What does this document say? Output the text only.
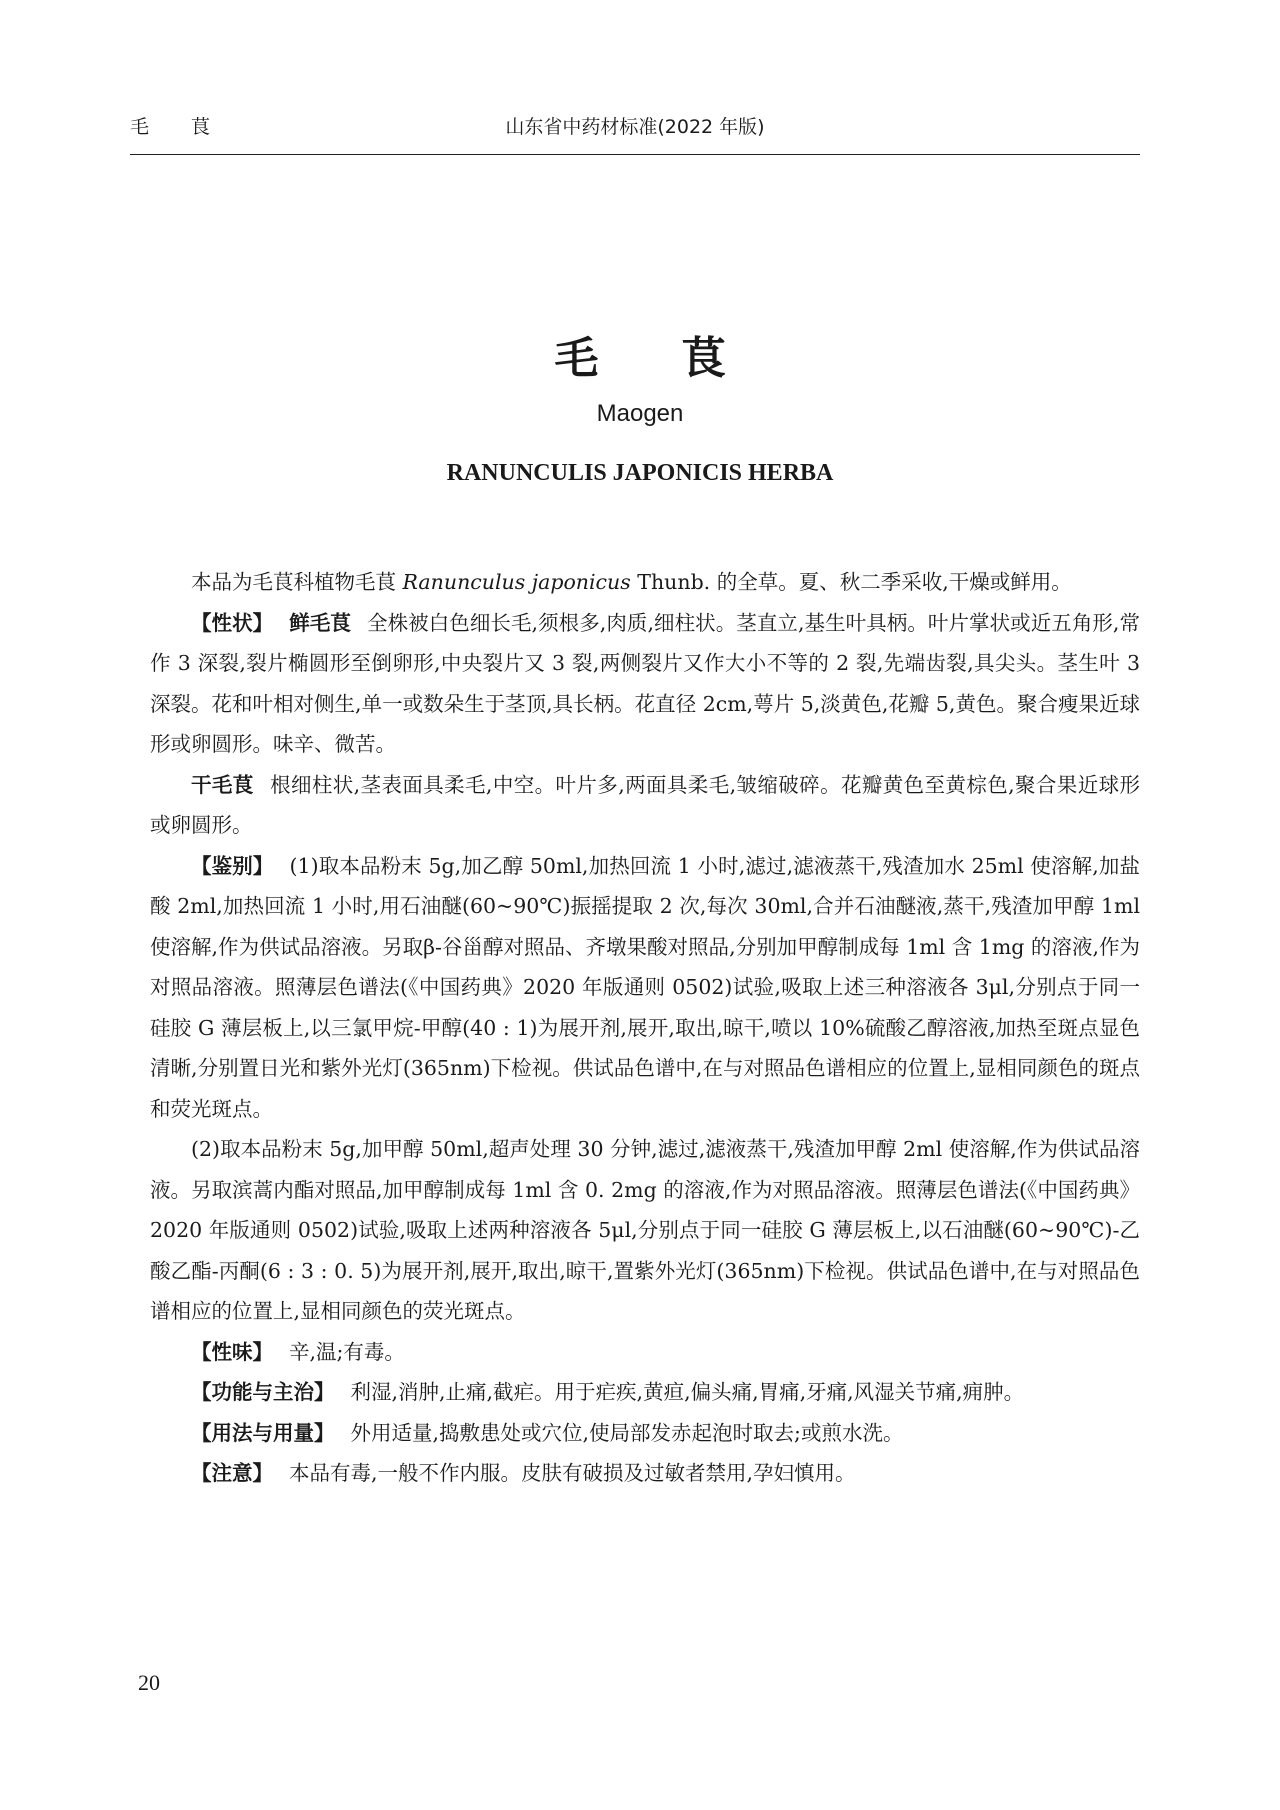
毛 茛	山东省中药材标准(2022 年版)
毛 茛
Maogen
RANUNCULIS JAPONICIS HERBA

本品为毛茛科植物毛茛 Ranunculus japonicus Thunb. 的全草。夏、秋二季采收,干燥或鲜用。

【性状】 鲜毛茛 全株被白色细长毛,须根多,肉质,细柱状。茎直立,基生叶具柄。叶片掌状或近五角形,常作 3 深裂,裂片椭圆形至倒卵形,中央裂片又 3 裂,两侧裂片又作大小不等的 2 裂,先端齿裂,具尖头。茎生叶 3 深裂。花和叶相对侧生,单一或数朵生于茎顶,具长柄。花直径 2cm,萼片 5,淡黄色,花瓣 5,黄色。聚合瘦果近球形或卵圆形。味辛、微苦。

干毛茛 根细柱状,茎表面具柔毛,中空。叶片多,两面具柔毛,皱缩破碎。花瓣黄色至黄棕色,聚合果近球形或卵圆形。

【鉴别】 (1)取本品粉末 5g,加乙醇 50ml,加热回流 1 小时,滤过,滤液蒸干,残渣加水 25ml 使溶解,加盐酸 2ml,加热回流 1 小时,用石油醚(60~90℃)振摇提取 2 次,每次 30ml,合并石油醚液,蒸干,残渣加甲醇 1ml 使溶解,作为供试品溶液。另取β-谷甾醇对照品、齐墩果酸对照品,分别加甲醇制成每 1ml 含 1mg 的溶液,作为对照品溶液。照薄层色谱法(《中国药典》2020 年版通则 0502)试验,吸取上述三种溶液各 3μl,分别点于同一硅胶 G 薄层板上,以三氯甲烷-甲醇(40 : 1)为展开剂,展开,取出,晾干,喷以 10%硫酸乙醇溶液,加热至斑点显色清晰,分别置日光和紫外光灯(365nm)下检视。供试品色谱中,在与对照品色谱相应的位置上,显相同颜色的斑点和荧光斑点。

(2)取本品粉末 5g,加甲醇 50ml,超声处理 30 分钟,滤过,滤液蒸干,残渣加甲醇 2ml 使溶解,作为供试品溶液。另取滨蒿内酯对照品,加甲醇制成每 1ml 含 0. 2mg 的溶液,作为对照品溶液。照薄层色谱法(《中国药典》2020 年版通则 0502)试验,吸取上述两种溶液各 5μl,分别点于同一硅胶 G 薄层板上,以石油醚(60~90℃)-乙酸乙酯-丙酮(6 : 3 : 0. 5)为展开剂,展开,取出,晾干,置紫外光灯(365nm)下检视。供试品色谱中,在与对照品色谱相应的位置上,显相同颜色的荧光斑点。

【性味】 辛,温;有毒。

【功能与主治】 利湿,消肿,止痛,截疟。用于疟疾,黄疸,偏头痛,胃痛,牙痛,风湿关节痛,痈肿。

【用法与用量】 外用适量,捣敷患处或穴位,使局部发赤起泡时取去;或煎水洗。

【注意】 本品有毒,一般不作内服。皮肤有破损及过敏者禁用,孕妇慎用。

20
